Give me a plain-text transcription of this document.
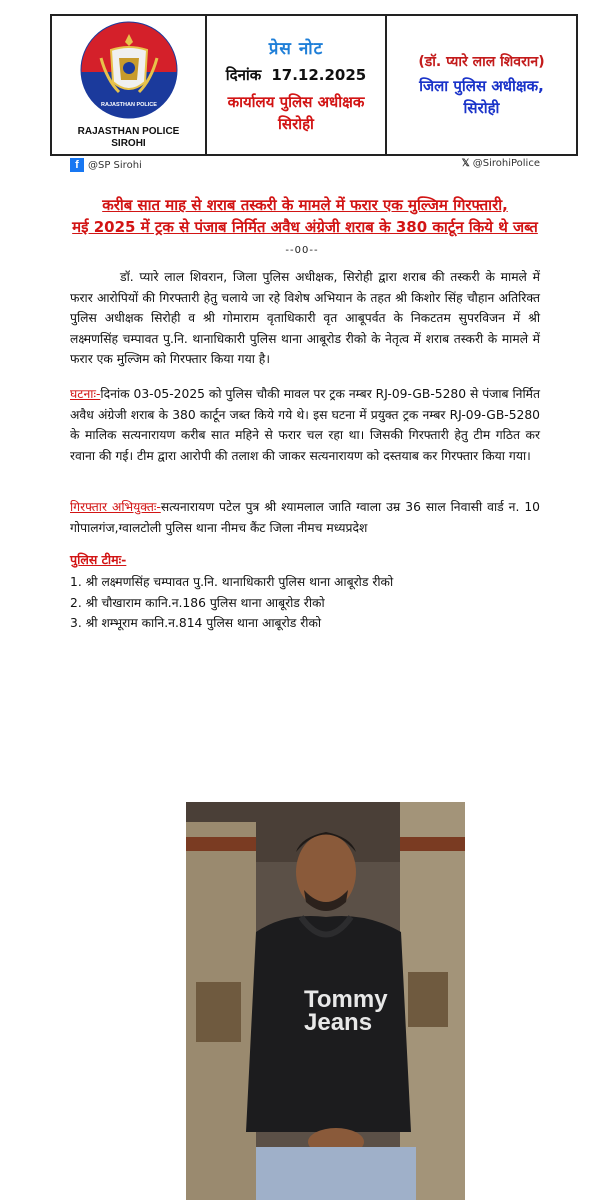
RAJASTHAN POLICE
RAJASTHAN POLICE
SIROHI
प्रेस नोट
दिनांक 17.12.2025
कार्यालय पुलिस अधीक्षक
सिरोही
(डॉ. प्यारे लाल शिवरान)
जिला पुलिस अधीक्षक,
सिरोही
f @SP Sirohi	𝕏 @SirohiPolice
करीब सात माह से शराब तस्करी के मामले में फरार एक मुल्जिम गिरफ्तारी,
मई 2025 में ट्रक से पंजाब निर्मित अवैध अंग्रेजी शराब के 380 कार्टून किये थे जब्त
--00--
डॉ. प्यारे लाल शिवरान, जिला पुलिस अधीक्षक, सिरोही द्वारा शराब की तस्करी के मामले में फरार आरोपियों की गिरफ्तारी हेतु चलाये जा रहे विशेष अभियान के तहत श्री किशोर सिंह चौहान अतिरिक्त पुलिस अधीक्षक सिरोही व श्री गोमाराम वृताधिकारी वृत आबूपर्वत के निकटतम सुपरविजन में श्री लक्ष्मणसिंह चम्पावत पु.नि. थानाधिकारी पुलिस थाना आबूरोड रीको के नेतृत्व में शराब तस्करी के मामले में फरार एक मुल्जिम को गिरफ्तार किया गया है।
घटनाः-दिनांक 03-05-2025 को पुलिस चौकी मावल पर ट्रक नम्बर RJ-09-GB-5280 से पंजाब निर्मित अवैध अंग्रेजी शराब के 380 कार्टून जब्त किये गये थे। इस घटना में प्रयुक्त ट्रक नम्बर RJ-09-GB-5280 के मालिक सत्यनारायण करीब सात महिने से फरार चल रहा था। जिसकी गिरफ्तारी हेतु टीम गठित कर रवाना की गई। टीम द्वारा आरोपी की तलाश की जाकर सत्यनारायण को दस्तयाब कर गिरफ्तार किया गया।
गिरफ्तार अभियुक्तः-सत्यनारायण पटेल पुत्र श्री श्यामलाल जाति ग्वाला उम्र 36 साल निवासी वार्ड न. 10 गोपालगंज,ग्वालटोली पुलिस थाना नीमच कैंट जिला नीमच मध्यप्रदेश
पुलिस टीमः-
1. श्री लक्ष्मणसिंह चम्पावत पु.नि. थानाधिकारी पुलिस थाना आबूरोड रीको
2. श्री चौखाराम कानि.न.186 पुलिस थाना आबूरोड रीको
3. श्री शम्भूराम कानि.न.814 पुलिस थाना आबूरोड रीको
Tommy
Jeans
